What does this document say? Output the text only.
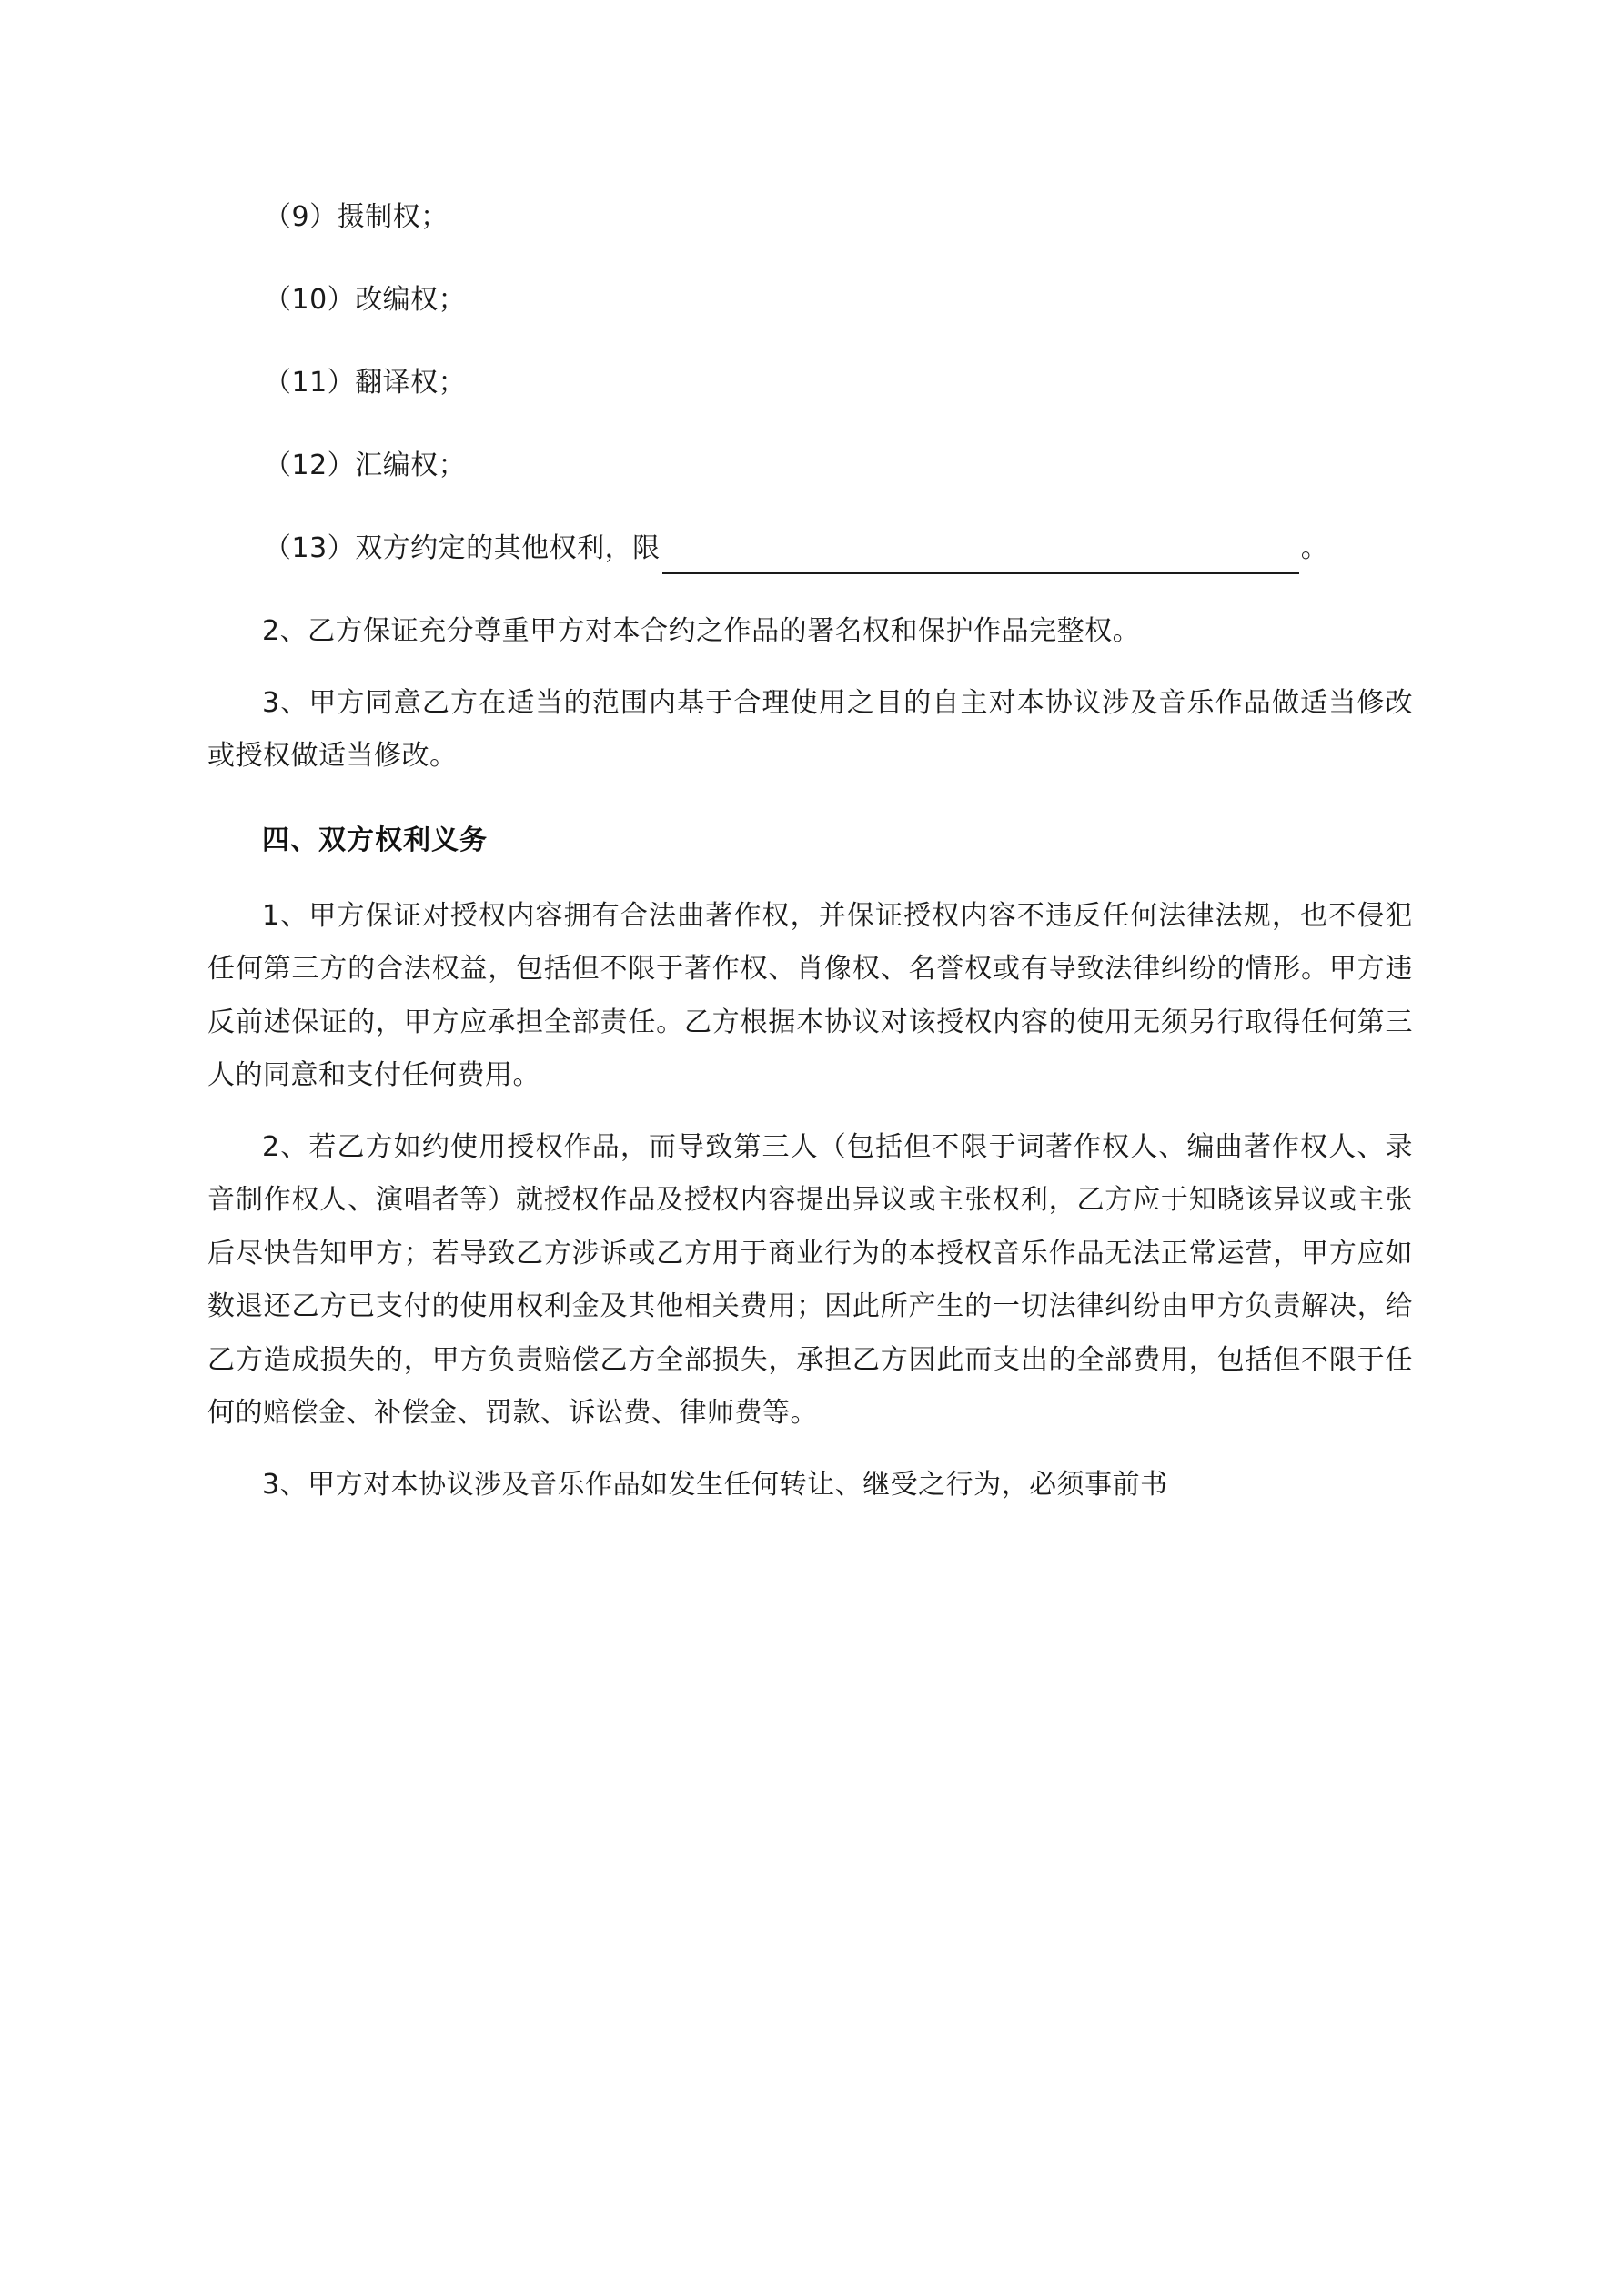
（9）摄制权；
（10）改编权；
（11）翻译权；
（12）汇编权；
（13）双方约定的其他权利，限	。

2、乙方保证充分尊重甲方对本合约之作品的署名权和保护作品完整权。

3、甲方同意乙方在适当的范围内基于合理使用之目的自主对本协议涉及音乐作品做适当修改或授权做适当修改。

四、双方权利义务

1、甲方保证对授权内容拥有合法曲著作权，并保证授权内容不违反任何法律法规，也不侵犯任何第三方的合法权益，包括但不限于著作权、肖像权、名誉权或有导致法律纠纷的情形。甲方违反前述保证的，甲方应承担全部责任。乙方根据本协议对该授权内容的使用无须另行取得任何第三人的同意和支付任何费用。

2、若乙方如约使用授权作品，而导致第三人（包括但不限于词著作权人、编曲著作权人、录音制作权人、演唱者等）就授权作品及授权内容提出异议或主张权利，乙方应于知晓该异议或主张后尽快告知甲方；若导致乙方涉诉或乙方用于商业行为的本授权音乐作品无法正常运营，甲方应如数退还乙方已支付的使用权利金及其他相关费用；因此所产生的一切法律纠纷由甲方负责解决，给乙方造成损失的，甲方负责赔偿乙方全部损失，承担乙方因此而支出的全部费用，包括但不限于任何的赔偿金、补偿金、罚款、诉讼费、律师费等。

3、甲方对本协议涉及音乐作品如发生任何转让、继受之行为，必须事前书
